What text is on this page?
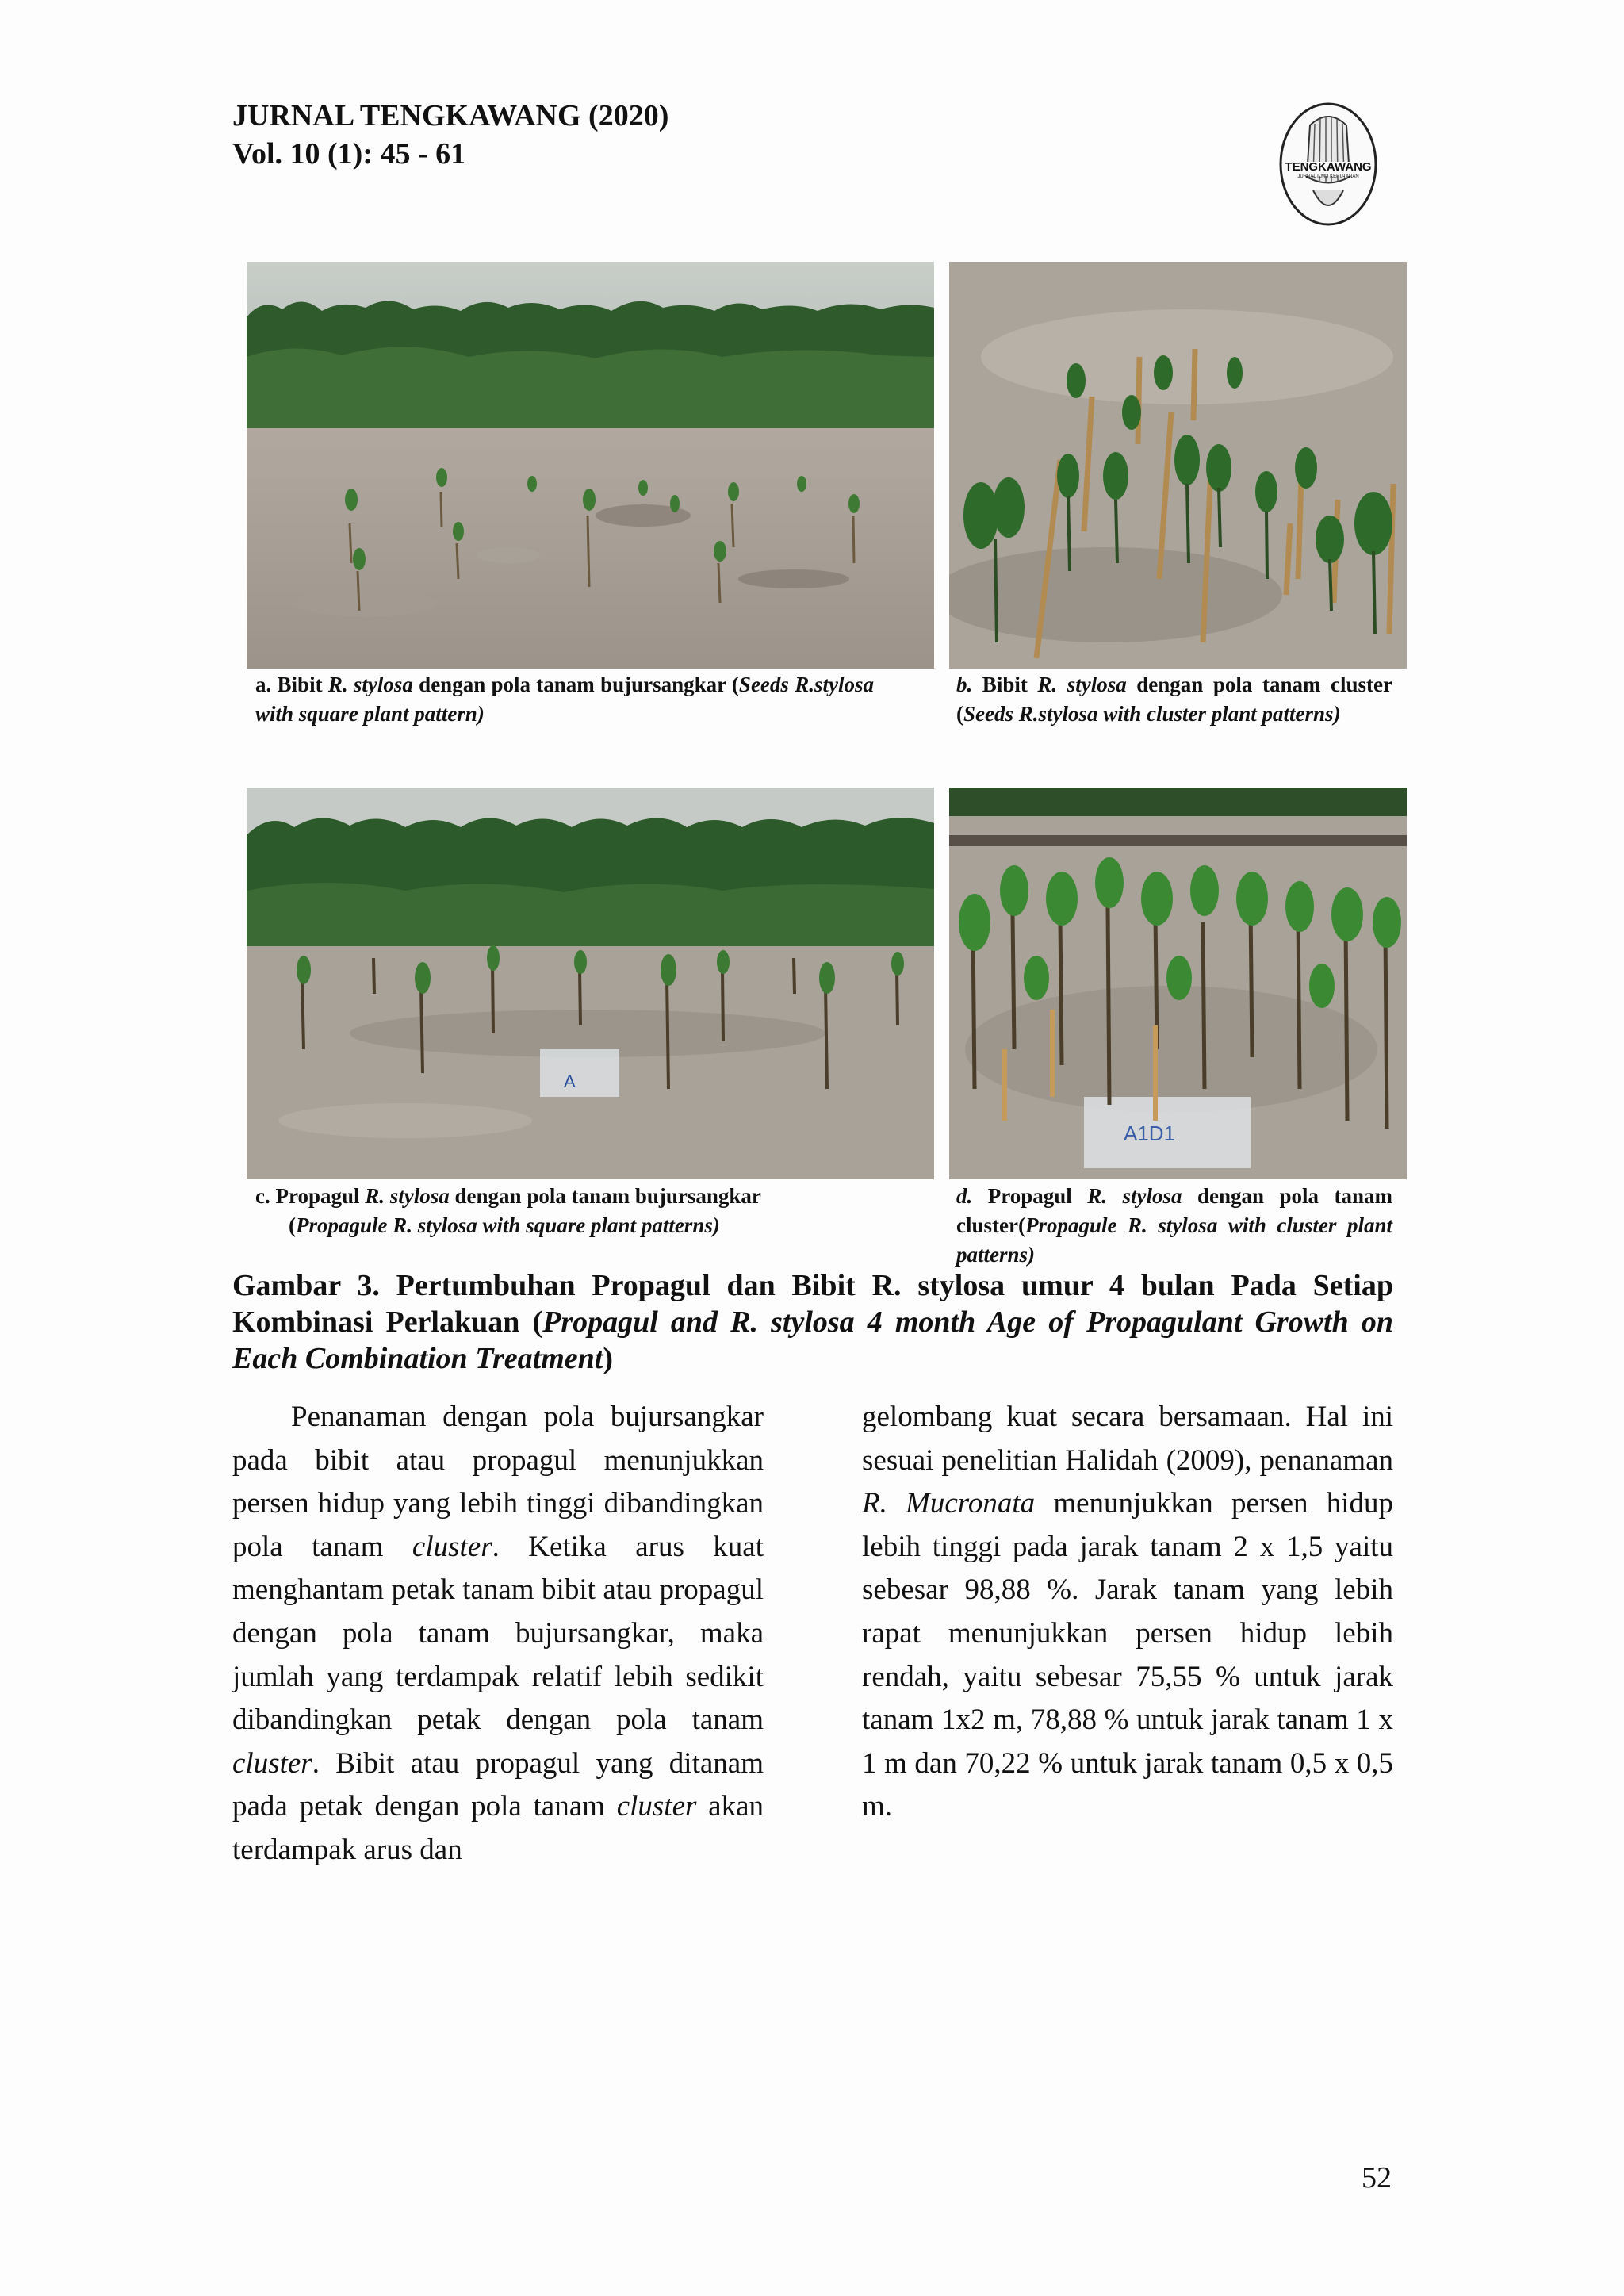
JURNAL TENGKAWANG (2020)
Vol. 10 (1): 45 - 61	TENGKAWANG
JURNAL ILMU KEHUTANAN
a. Bibit R. stylosa dengan pola tanam bujursangkar (Seeds R.stylosa with square plant pattern)
b. Bibit R. stylosa dengan pola tanam cluster (Seeds R.stylosa with cluster plant patterns)
A
A1D1
c. Propagul R. stylosa dengan pola tanam bujursangkar
(Propagule R. stylosa with square plant patterns)
d. Propagul R. stylosa dengan pola tanam cluster(Propagule R. stylosa with cluster plant patterns)
Gambar 3. Pertumbuhan Propagul dan Bibit R. stylosa umur 4 bulan Pada Setiap Kombinasi Perlakuan (Propagul and R. stylosa 4 month Age of Propagulant Growth on Each Combination Treatment)

Penanaman dengan pola bujursangkar pada bibit atau propagul menunjukkan persen hidup yang lebih tinggi dibandingkan pola tanam cluster. Ketika arus kuat menghantam petak tanam bibit atau propagul dengan pola tanam bujursangkar, maka jumlah yang terdampak relatif lebih sedikit dibandingkan petak dengan pola tanam cluster. Bibit atau propagul yang ditanam pada petak dengan pola tanam cluster akan terdampak arus dan

gelombang kuat secara bersamaan. Hal ini sesuai penelitian Halidah (2009), penanaman R. Mucronata menunjukkan persen hidup lebih tinggi pada jarak tanam 2 x 1,5 yaitu sebesar 98,88 %. Jarak tanam yang lebih rapat menunjukkan persen hidup lebih rendah, yaitu sebesar 75,55 % untuk jarak tanam 1x2 m, 78,88 % untuk jarak tanam 1 x 1 m dan 70,22 % untuk jarak tanam 0,5 x 0,5 m.

52
